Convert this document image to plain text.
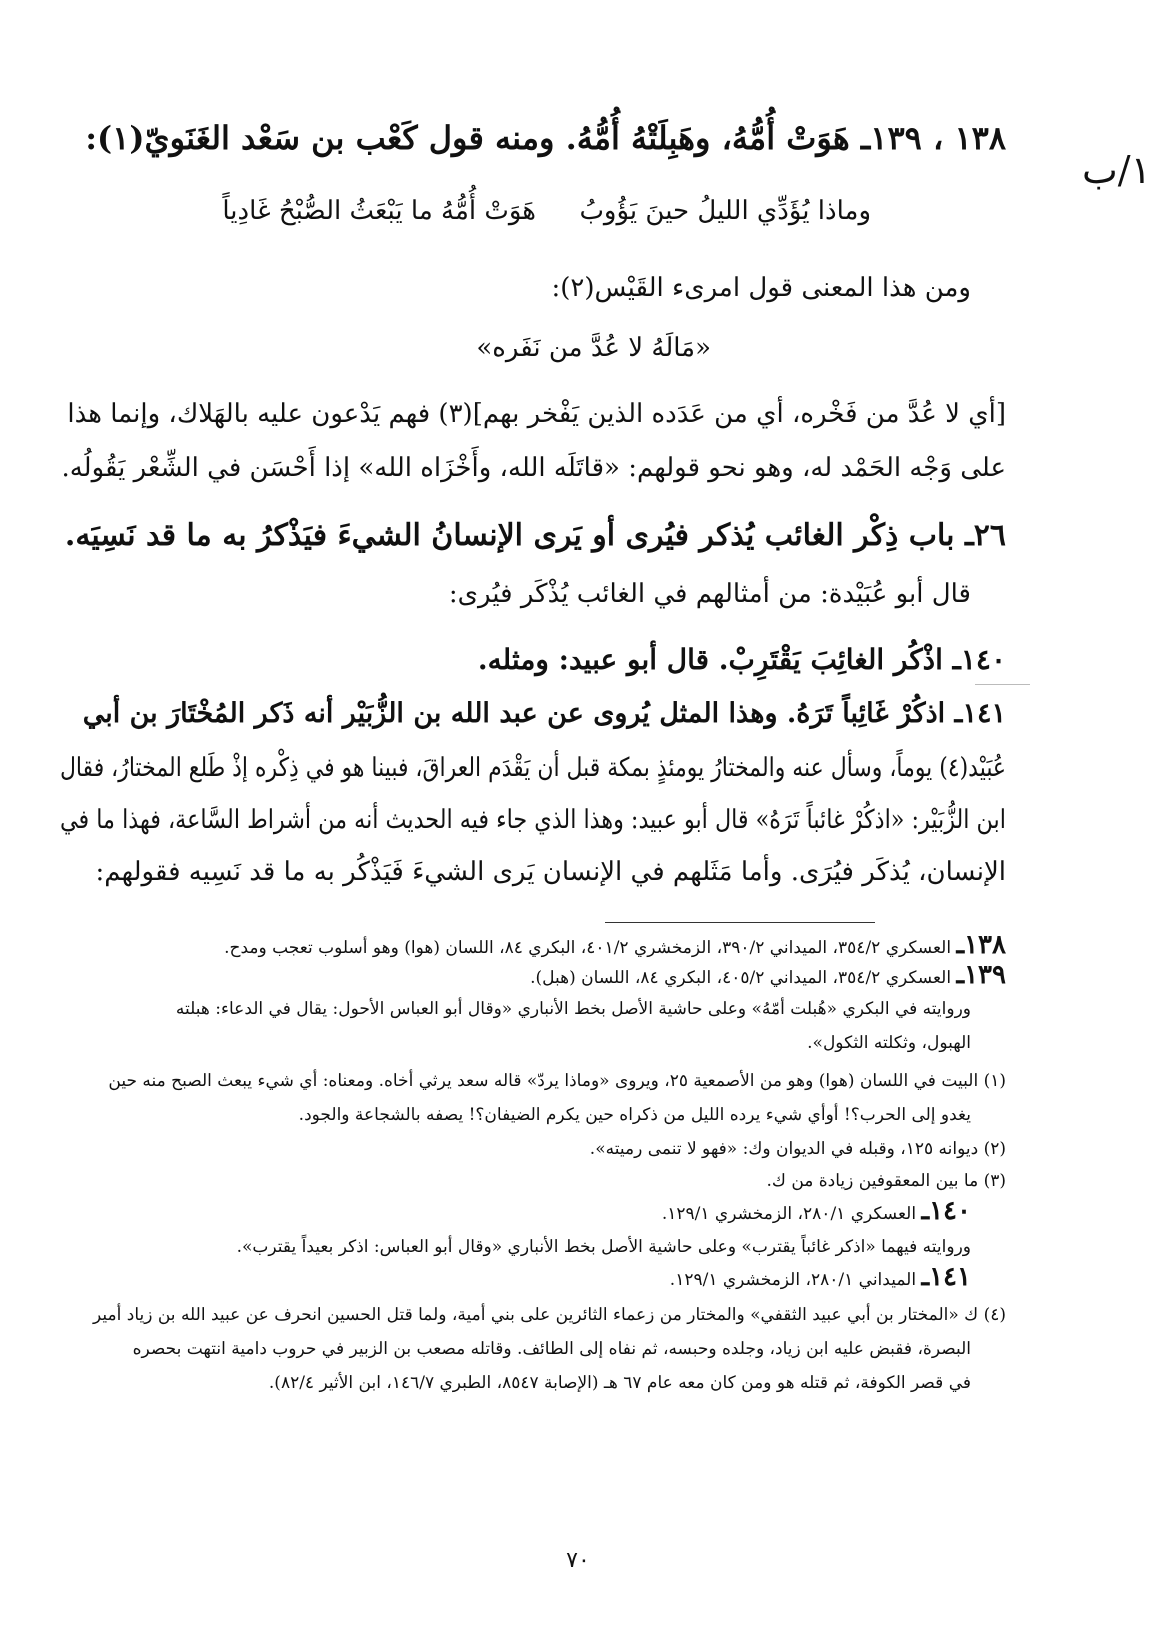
١/ب
١٣٨ ، ١٣٩ـ هَوَتْ أُمُّهُ، وهَبِلَتْهُ أُمُّهُ. ومنه قول كَعْب بن سَعْد الغَنَويّ(١):
هَوَتْ أُمُّهُ ما يَبْعَثُ الصُّبْحُ غَادِياً وماذا يُؤَدِّي الليلُ حينَ يَؤُوبُ
ومن هذا المعنى قول امرىء القَيْس(٢):
«مَالَهُ لا عُدَّ من نَفَره»
[أي لا عُدَّ من فَخْره، أي من عَدَده الذين يَفْخر بهم](٣) فهم يَدْعون عليه بالهَلاك، وإنما هذا
على وَجْه الحَمْد له، وهو نحو قولهم: «قاتَلَه الله، وأَخْزَاه الله» إذا أَحْسَن في الشِّعْر يَقُولُه.
٢٦ـ باب ذِكْر الغائب يُذكر فيُرى أو يَرى الإنسانُ الشيءَ فيَذْكرُ به ما قد نَسِيَه.
قال أبو عُبَيْدة: من أمثالهم في الغائب يُذْكَر فيُرى:
١٤٠ـ اذْكُر الغائِبَ يَقْتَرِبْ. قال أبو عبيد: ومثله.
١٤١ـ اذكُرْ غَائِباً تَرَهُ. وهذا المثل يُروى عن عبد الله بن الزُّبَيْر أنه ذَكر المُخْتَارَ بن أبي
عُبَيْد(٤) يوماً، وسأل عنه والمختارُ يومئذٍ بمكة قبل أن يَقْدَم العراقَ، فبينا هو في ذِكْره إذْ طَلع المختارُ، فقال
ابن الزُّبَيْر: «اذكُرْ غائباً تَرَهُ» قال أبو عبيد: وهذا الذي جاء فيه الحديث أنه من أشراط السَّاعة، فهذا ما في
الإنسان، يُذكَر فيُرَى. وأما مَثَلهم في الإنسان يَرى الشيءَ فَيَذْكُر به ما قد نَسِيه فقولهم:
١٣٨ـ العسكري ٣٥٤/٢، الميداني ٣٩٠/٢، الزمخشري ٤٠١/٢، البكري ٨٤، اللسان (هوا) وهو أسلوب تعجب ومدح.
١٣٩ـ العسكري ٣٥٤/٢، الميداني ٤٠٥/٢، البكري ٨٤، اللسان (هبل).
وروايته في البكري «هُبلت أمّهُ» وعلى حاشية الأصل بخط الأنباري «وقال أبو العباس الأحول: يقال في الدعاء: هبلته
الهبول، وثكلته الثكول».
(١) البيت في اللسان (هوا) وهو من الأصمعية ٢٥، ويروى «وماذا يردّ» قاله سعد يرثي أخاه. ومعناه: أي شيء يبعث الصبح منه حين
يغدو إلى الحرب؟! أوأي شيء يرده الليل من ذكراه حين يكرم الضيفان؟! يصفه بالشجاعة والجود.
(٢) ديوانه ١٢٥، وقبله في الديوان وك: «فهو لا تنمى رميته».
(٣) ما بين المعقوفين زيادة من ك.
١٤٠ـ العسكري ٢٨٠/١، الزمخشري ١٢٩/١.
وروايته فيهما «اذكر غائباً يقترب» وعلى حاشية الأصل بخط الأنباري «وقال أبو العباس: اذكر بعيداً يقترب».
١٤١ـ الميداني ٢٨٠/١، الزمخشري ١٢٩/١.
(٤) ك «المختار بن أبي عبيد الثقفي» والمختار من زعماء الثائرين على بني أمية، ولما قتل الحسين انحرف عن عبيد الله بن زياد أمير
البصرة، فقبض عليه ابن زياد، وجلده وحبسه، ثم نفاه إلى الطائف. وقاتله مصعب بن الزبير في حروب دامية انتهت بحصره
في قصر الكوفة، ثم قتله هو ومن كان معه عام ٦٧ هـ (الإصابة ٨٥٤٧، الطبري ١٤٦/٧، ابن الأثير ٨٢/٤).
٧٠
